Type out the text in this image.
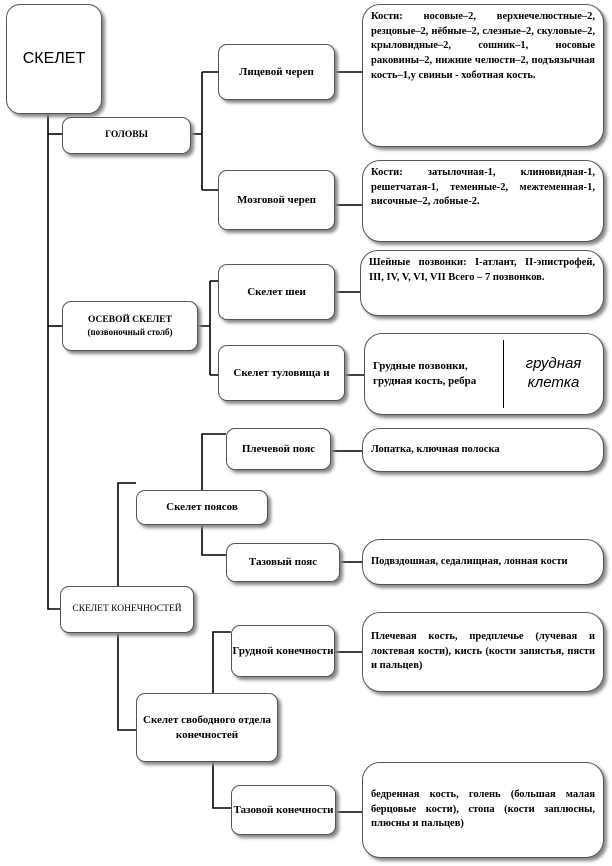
СКЕЛЕТ
ГОЛОВЫ
Лицевой череп
Кости: носовые–2, верхнечелюстные–2, резцовые–2, нёбные–2, слезные–2, скуловые–2, крыловидные–2, сошник–1, носовые раковины–2, нижние челюсти–2, подъязычная кость–1,у свиньи - хоботная кость.
Мозговой череп
Кости: затылочная-1, клиновидная-1, решетчатая-1, теменные-2, межтеменная-1, височные–2, лобные-2.
ОСЕВОЙ СКЕЛЕТ
(позвоночный столб)
Скелет шеи
Шейные позвонки: I-атлант, II-эпистрофей, III, IV, V, VI, VII Всего – 7 позвонков.
Скелет туловища и
Грудные позвонки, грудная кость, ребра
грудная клетка
СКЕЛЕТ КОНЕЧНОСТЕЙ
Скелет поясов
Плечевой пояс	Лопатка, ключная полоска
Тазовый пояс	Подвздошная, седалищная, лонная кости
Скелет свободного отдела конечностей
Грудной конечности
Плечевая кость, предплечье (лучевая и локтевая кости), кисть (кости запястья, пясти и пальцев)
Тазовой конечности
бедренная кость, голень (большая малая берцовые кости), стопа (кости заплюсны, плюсны и пальцев)
